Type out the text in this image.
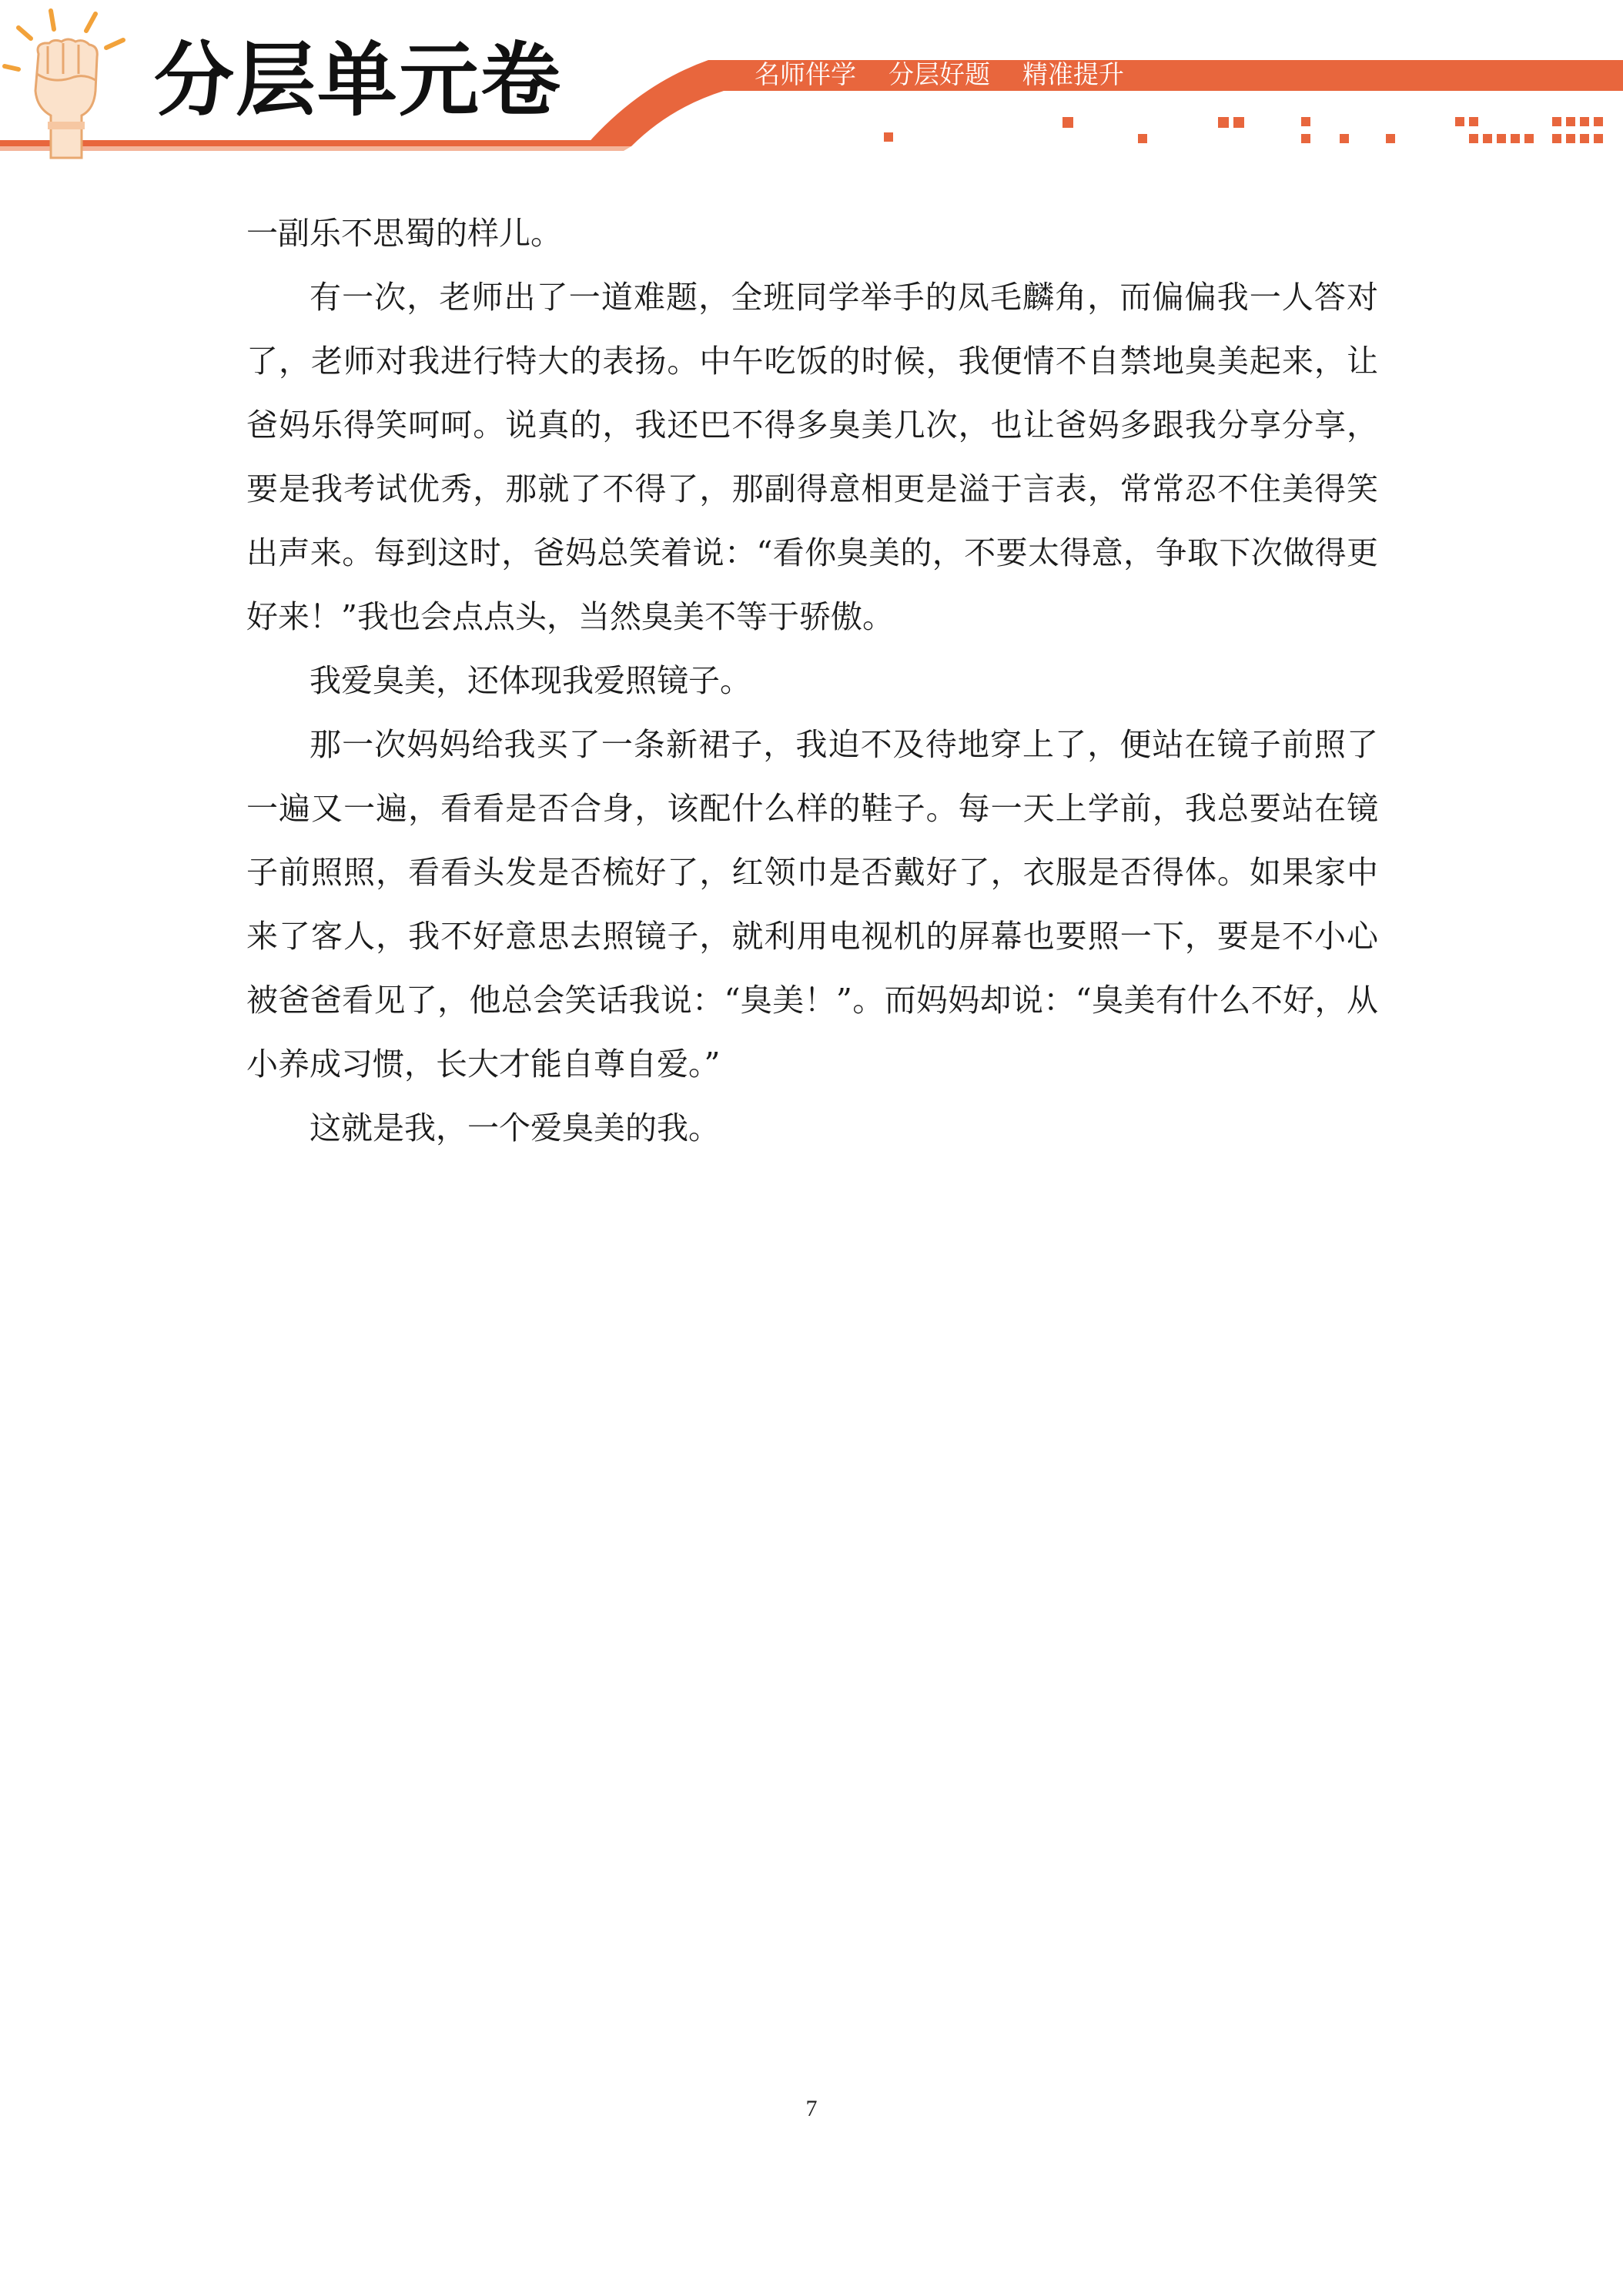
分层单元卷	名师伴学    分层好题    精准提升

一副乐不思蜀的样儿。

有一次，老师出了一道难题，全班同学举手的凤毛麟角，而偏偏我一人答对了，老师对我进行特大的表扬。中午吃饭的时候，我便情不自禁地臭美起来，让爸妈乐得笑呵呵。说真的，我还巴不得多臭美几次，也让爸妈多跟我分享分享，要是我考试优秀，那就了不得了，那副得意相更是溢于言表，常常忍不住美得笑出声来。每到这时，爸妈总笑着说：“看你臭美的，不要太得意，争取下次做得更好来！”我也会点点头，当然臭美不等于骄傲。

我爱臭美，还体现我爱照镜子。

那一次妈妈给我买了一条新裙子，我迫不及待地穿上了，便站在镜子前照了一遍又一遍，看看是否合身，该配什么样的鞋子。每一天上学前，我总要站在镜子前照照，看看头发是否梳好了，红领巾是否戴好了，衣服是否得体。如果家中来了客人，我不好意思去照镜子，就利用电视机的屏幕也要照一下，要是不小心被爸爸看见了，他总会笑话我说：“臭美！”。而妈妈却说：“臭美有什么不好，从小养成习惯，长大才能自尊自爱。”

这就是我，一个爱臭美的我。

7
